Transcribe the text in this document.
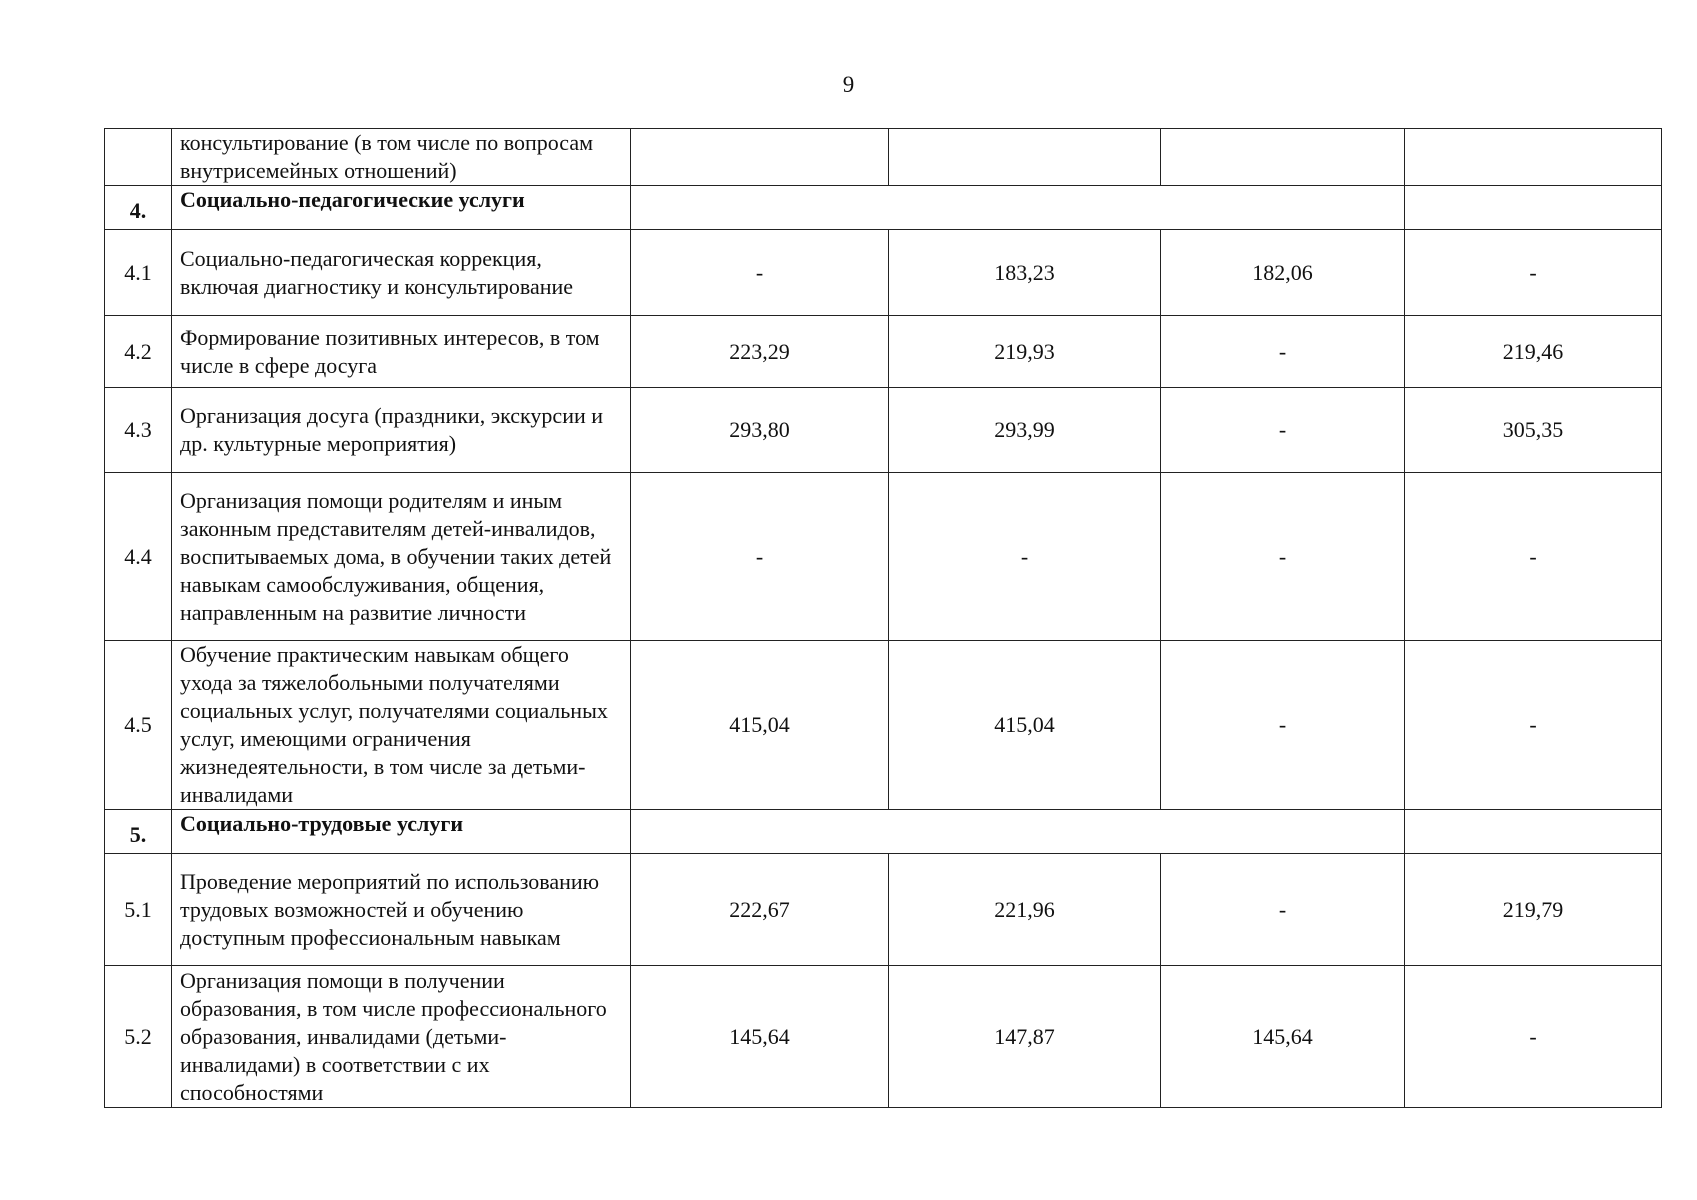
9
	консультирование (в том числе по вопросам внутрисемейных отношений)				
4.	Социально-педагогические услуги				
4.1	Социально-педагогическая коррекция, включая диагностику и консультирование	-	183,23	182,06	-
4.2	Формирование позитивных интересов, в том числе в сфере досуга	223,29	219,93	-	219,46
4.3	Организация досуга (праздники, экскурсии и др. культурные мероприятия)	293,80	293,99	-	305,35
4.4	Организация помощи родителям и иным законным представителям детей-инвалидов, воспитываемых дома, в обучении таких детей навыкам самообслуживания, общения, направленным на развитие личности	-	-	-	-
4.5	Обучение практическим навыкам общего ухода за тяжелобольными получателями социальных услуг, получателями социальных услуг, имеющими ограничения жизнедеятельности, в том числе за детьми-инвалидами	415,04	415,04	-	-
5.	Социально-трудовые услуги				
5.1	Проведение мероприятий по использованию трудовых возможностей и обучению доступным профессиональным навыкам	222,67	221,96	-	219,79
5.2	Организация помощи в получении образования, в том числе профессионального образования, инвалидами (детьми-инвалидами) в соответствии с их способностями	145,64	147,87	145,64	-
